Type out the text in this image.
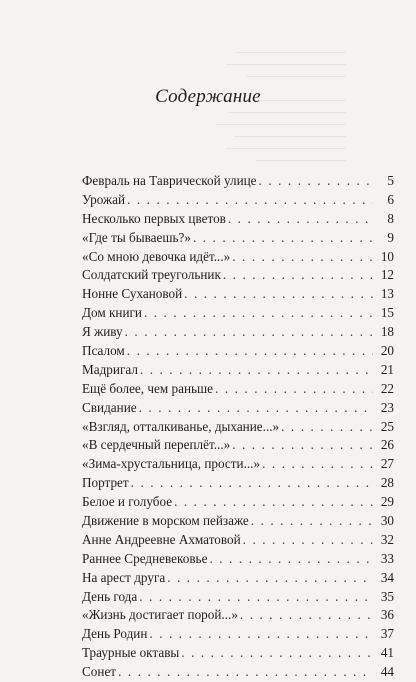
Содержание
Февраль на Таврической улице . . .	5
Урожай . . .	6
Несколько первых цветов . . .	8
«Где ты бываешь?» . . .	9
«Со мною девочка идёт...» . . .	10
Солдатский треугольник . . .	12
Нонне Сухановой . . .	13
Дом книги . . .	15
Я живу . . .	18
Псалом . . .	20
Мадригал . . .	21
Ещё более, чем раньше . . .	22
Свидание . . .	23
«Взгляд, отталкиванье, дыхание...» . . .	25
«В сердечный переплёт...» . . .	26
«Зима-хрустальница, прости...» . . .	27
Портрет . . .	28
Белое и голубое . . .	29
Движение в морском пейзаже . . .	30
Анне Андреевне Ахматовой . . .	32
Раннее Средневековье . . .	33
На арест друга . . .	34
День года . . .	35
«Жизнь достигает порой...» . . .	36
День Родин . . .	37
Траурные октавы . . .	41
Сонет . . .	44
